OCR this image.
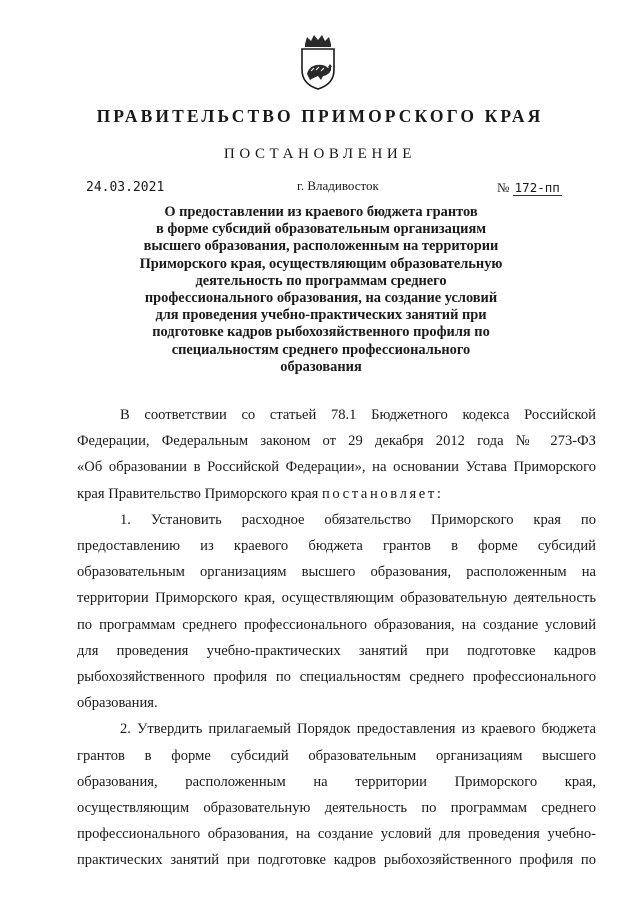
ПРАВИТЕЛЬСТВО ПРИМОРСКОГО КРАЯ
ПОСТАНОВЛЕНИЕ
24.03.2021	г. Владивосток	№ 172-пп
О предоставлении из краевого бюджета грантов
в форме субсидий образовательным организациям
высшего образования, расположенным на территории
Приморского края, осуществляющим образовательную
деятельность по программам среднего
профессионального образования, на создание условий
для проведения учебно-практических занятий при
подготовке кадров рыбохозяйственного профиля по
специальностям среднего профессионального
образования
В соответствии со статьей 78.1 Бюджетного кодекса Российской
Федерации, Федеральным законом от 29 декабря 2012 года № 273-ФЗ
«Об образовании в Российской Федерации», на основании Устава Приморского
края Правительство Приморского края постановляет:
1. Установить расходное обязательство Приморского края по
предоставлению из краевого бюджета грантов в форме субсидий
образовательным организациям высшего образования, расположенным на
территории Приморского края, осуществляющим образовательную деятельность
по программам среднего профессионального образования, на создание условий
для проведения учебно-практических занятий при подготовке кадров
рыбохозяйственного профиля по специальностям среднего профессионального
образования.
2. Утвердить прилагаемый Порядок предоставления из краевого бюджета
грантов в форме субсидий образовательным организациям высшего
образования, расположенным на территории Приморского края,
осуществляющим образовательную деятельность по программам среднего
профессионального образования, на создание условий для проведения учебно-
практических занятий при подготовке кадров рыбохозяйственного профиля по
